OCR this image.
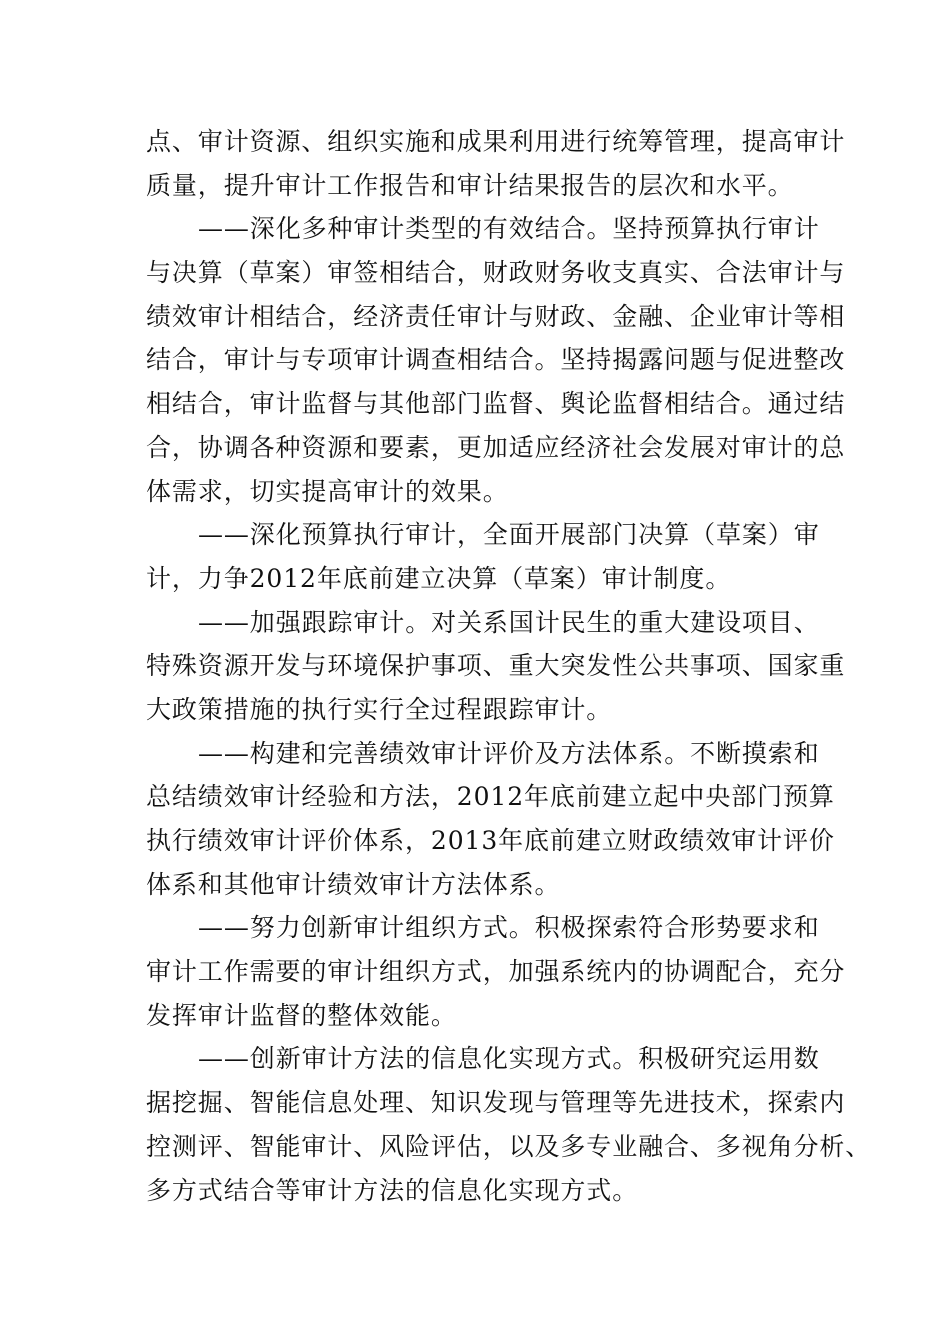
点、审计资源、组织实施和成果利用进行统筹管理，提高审计
质量，提升审计工作报告和审计结果报告的层次和水平。
——深化多种审计类型的有效结合。坚持预算执行审计
与决算（草案）审签相结合，财政财务收支真实、合法审计与
绩效审计相结合，经济责任审计与财政、金融、企业审计等相
结合，审计与专项审计调查相结合。坚持揭露问题与促进整改
相结合，审计监督与其他部门监督、舆论监督相结合。通过结
合，协调各种资源和要素，更加适应经济社会发展对审计的总
体需求，切实提高审计的效果。
——深化预算执行审计，全面开展部门决算（草案）审
计，力争2012年底前建立决算（草案）审计制度。
——加强跟踪审计。对关系国计民生的重大建设项目、
特殊资源开发与环境保护事项、重大突发性公共事项、国家重
大政策措施的执行实行全过程跟踪审计。
——构建和完善绩效审计评价及方法体系。不断摸索和
总结绩效审计经验和方法，2012年底前建立起中央部门预算
执行绩效审计评价体系，2013年底前建立财政绩效审计评价
体系和其他审计绩效审计方法体系。
——努力创新审计组织方式。积极探索符合形势要求和
审计工作需要的审计组织方式，加强系统内的协调配合，充分
发挥审计监督的整体效能。
——创新审计方法的信息化实现方式。积极研究运用数
据挖掘、智能信息处理、知识发现与管理等先进技术，探索内
控测评、智能审计、风险评估，以及多专业融合、多视角分析、
多方式结合等审计方法的信息化实现方式。
